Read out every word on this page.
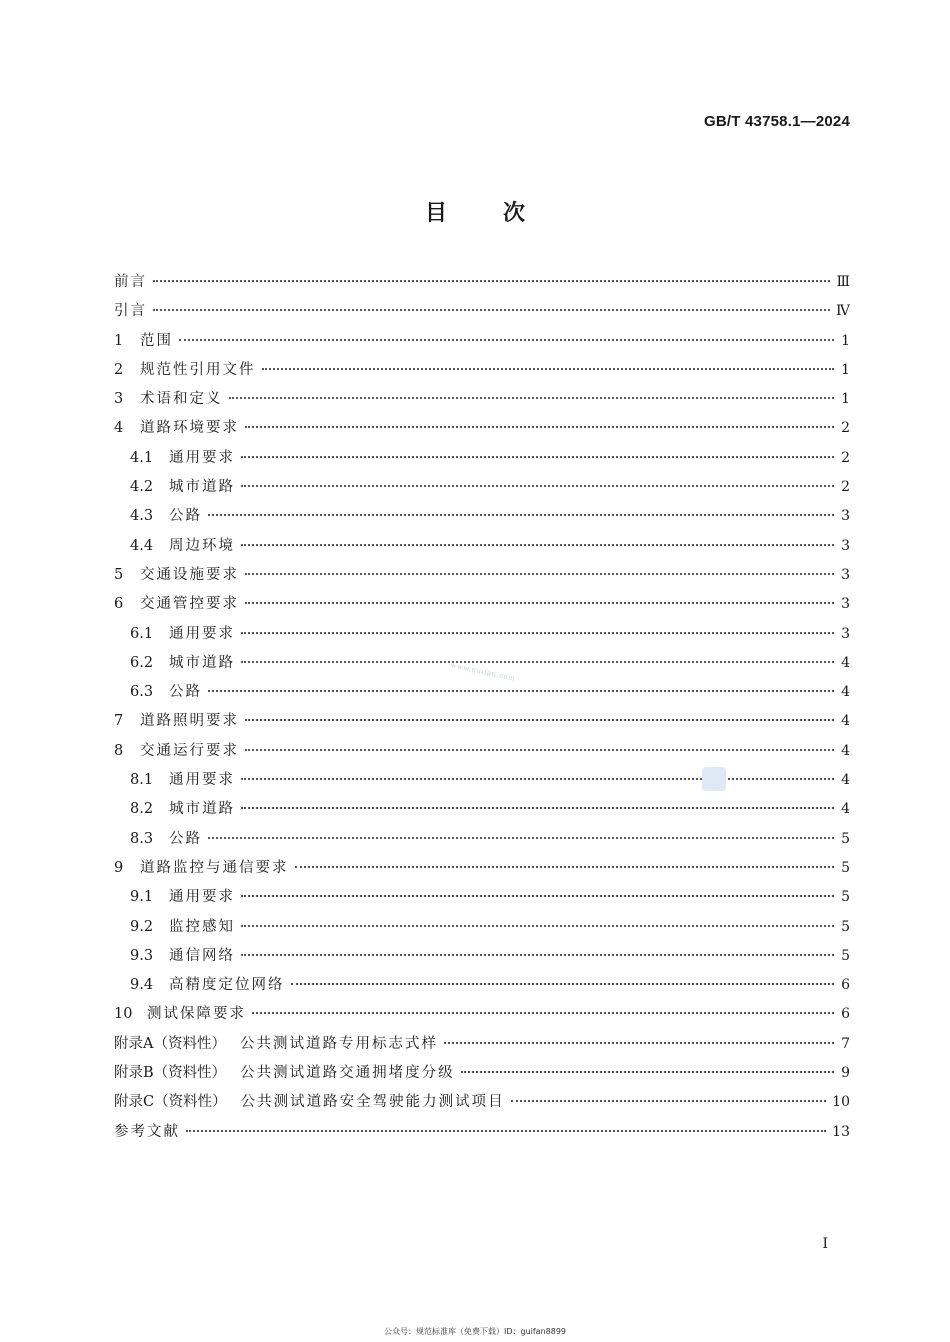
GB/T 43758.1—2024
目次
前言	Ⅲ
引言	Ⅳ
1	范围	1
2	规范性引用文件	1
3	术语和定义	1
4	道路环境要求	2
4.1	通用要求	2
4.2	城市道路	2
4.3	公路	3
4.4	周边环境	3
5	交通设施要求	3
6	交通管控要求	3
6.1	通用要求	3
6.2	城市道路	4
6.3	公路	4
7	道路照明要求	4
8	交通运行要求	4
8.1	通用要求	4
8.2	城市道路	4
8.3	公路	5
9	道路监控与通信要求	5
9.1	通用要求	5
9.2	监控感知	5
9.3	通信网络	5
9.4	高精度定位网络	6
10	测试保障要求	6
附录A（资料性） 公共测试道路专用标志式样	7
附录B（资料性） 公共测试道路交通拥堵度分级	9
附录C（资料性） 公共测试道路安全驾驶能力测试项目	10
参考文献	13
www.guifan.com
I
公众号：规范标准库（免费下载）ID：guifan8899
